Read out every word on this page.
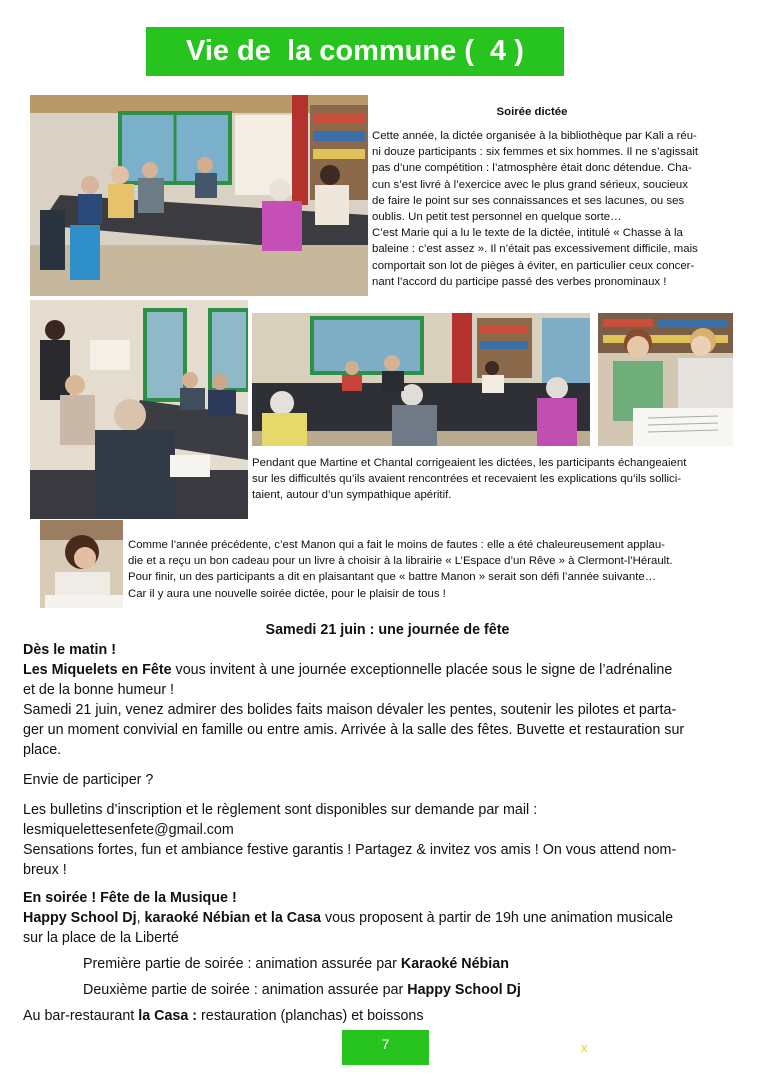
Vie de  la commune (  4 )
Soirée dictée

Cette année, la dictée organisée à la bibliothèque par Kali a réu-

ni douze participants : six femmes et six hommes. Il ne s’agissait

pas d’une compétition : l’atmosphère était donc détendue. Cha-

cun s’est livré à l’exercice avec le plus grand sérieux, soucieux

de faire le point sur ses connaissances et ses lacunes, ou ses

oublis. Un petit test personnel en quelque sorte…

C’est Marie qui a lu le texte de la dictée, intitulé « Chasse à la

baleine : c’est assez ». Il n’était pas excessivement difficile, mais

comportait son lot de pièges à éviter, en particulier ceux concer-

nant l’accord du participe passé des verbes pronominaux !

Pendant que Martine et Chantal corrigeaient les dictées, les participants échangeaient

sur les difficultés qu’ils avaient rencontrées et recevaient les explications qu’ils sollici-

taient, autour d’un sympathique apéritif.

Comme l’année précédente, c’est Manon qui a fait le moins de fautes : elle a été chaleureusement applau-

die et a reçu un bon cadeau pour un livre à choisir à la librairie « L’Espace d’un Rêve » à Clermont-l’Hérault.

Pour finir, un des participants a dit en plaisantant que « battre Manon » serait son défi l’année suivante…

Car il y aura une nouvelle soirée dictée, pour le plaisir de tous !

Samedi 21 juin : une journée de fête

Dès le matin !

Les Miquelets en Fête vous invitent à une journée exceptionnelle placée sous le signe de l’adrénaline

et de la bonne humeur !

Samedi 21 juin, venez admirer des bolides faits maison dévaler les pentes, soutenir les pilotes et parta-

ger un moment convivial en famille ou entre amis. Arrivée à la salle des fêtes. Buvette et restauration sur

place.

Envie de participer ?

Les bulletins d’inscription et le règlement sont disponibles sur demande par mail :

lesmiquelettesenfete@gmail.com

Sensations fortes, fun et ambiance festive garantis ! Partagez & invitez vos amis ! On vous attend nom-

breux !

En soirée ! Fête de la Musique !

Happy School Dj, karaoké Nébian et la Casa vous proposent à partir de 19h une animation musicale

sur la place de la Liberté

Première partie de soirée : animation assurée par Karaoké Nébian

Deuxième partie de soirée : animation assurée par Happy School Dj

Au bar-restaurant la Casa : restauration (planchas) et boissons

7	x
